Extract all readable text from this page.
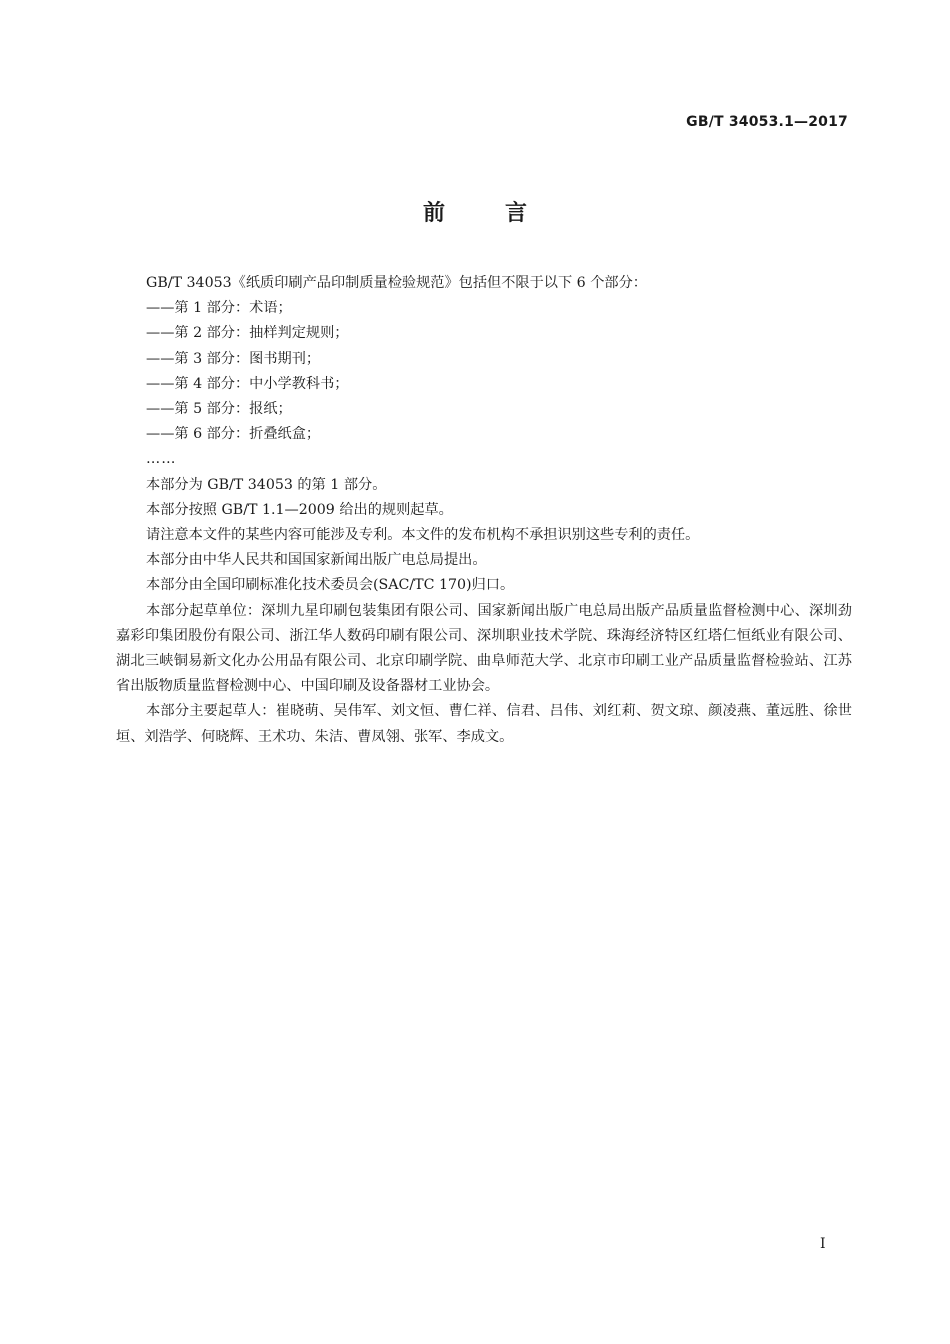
GB/T 34053.1—2017
前言

GB/T 34053《纸质印刷产品印制质量检验规范》包括但不限于以下 6 个部分：

——第 1 部分：术语；

——第 2 部分：抽样判定规则；

——第 3 部分：图书期刊；

——第 4 部分：中小学教科书；

——第 5 部分：报纸；

——第 6 部分：折叠纸盒；

……

本部分为 GB/T 34053 的第 1 部分。

本部分按照 GB/T 1.1—2009 给出的规则起草。

请注意本文件的某些内容可能涉及专利。本文件的发布机构不承担识别这些专利的责任。

本部分由中华人民共和国国家新闻出版广电总局提出。

本部分由全国印刷标准化技术委员会(SAC/TC 170)归口。

本部分起草单位：深圳九星印刷包装集团有限公司、国家新闻出版广电总局出版产品质量监督检测中心、深圳劲嘉彩印集团股份有限公司、浙江华人数码印刷有限公司、深圳职业技术学院、珠海经济特区红塔仁恒纸业有限公司、湖北三峡铜易新文化办公用品有限公司、北京印刷学院、曲阜师范大学、北京市印刷工业产品质量监督检验站、江苏省出版物质量监督检测中心、中国印刷及设备器材工业协会。

本部分主要起草人：崔晓萌、吴伟军、刘文恒、曹仁祥、信君、吕伟、刘红莉、贺文琼、颜凌燕、董远胜、徐世垣、刘浩学、何晓辉、王术功、朱洁、曹凤翎、张军、李成文。

I
